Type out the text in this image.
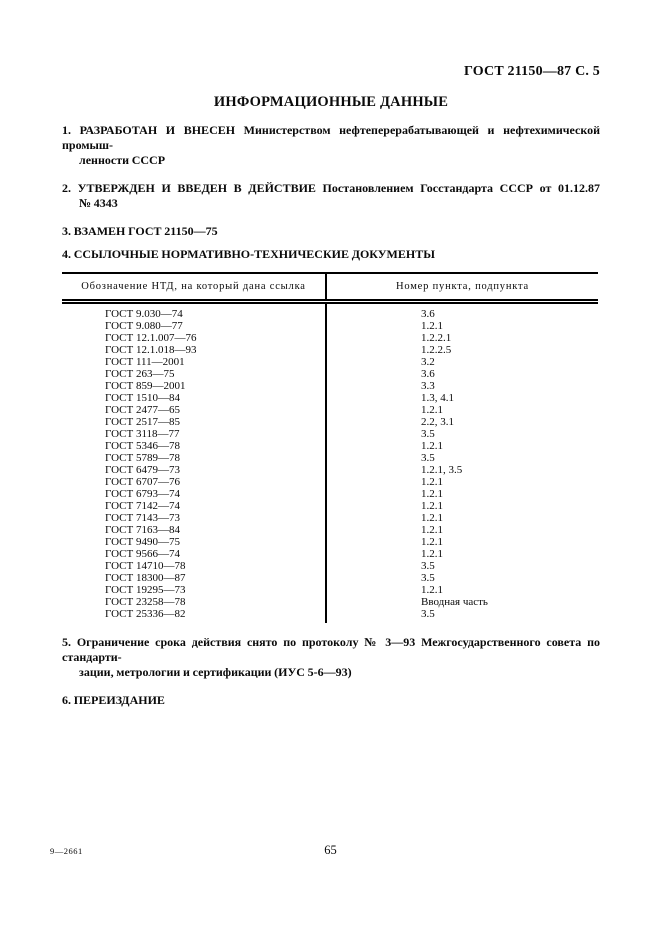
ГОСТ 21150—87 С. 5
ИНФОРМАЦИОННЫЕ ДАННЫЕ
1. РАЗРАБОТАН И ВНЕСЕН Министерством нефтеперерабатывающей и нефтехимической промыш-
ленности СССР
2. УТВЕРЖДЕН И ВВЕДЕН В ДЕЙСТВИЕ Постановлением Госстандарта СССР от 01.12.87
№ 4343
3. ВЗАМЕН ГОСТ 21150—75
4. ССЫЛОЧНЫЕ НОРМАТИВНО-ТЕХНИЧЕСКИЕ ДОКУМЕНТЫ
Обозначение НТД, на который дана ссылка	Номер пункта, подпункта
ГОСТ 9.030—74	3.6
ГОСТ 9.080—77	1.2.1
ГОСТ 12.1.007—76	1.2.2.1
ГОСТ 12.1.018—93	1.2.2.5
ГОСТ 111—2001	3.2
ГОСТ 263—75	3.6
ГОСТ 859—2001	3.3
ГОСТ 1510—84	1.3, 4.1
ГОСТ 2477—65	1.2.1
ГОСТ 2517—85	2.2, 3.1
ГОСТ 3118—77	3.5
ГОСТ 5346—78	1.2.1
ГОСТ 5789—78	3.5
ГОСТ 6479—73	1.2.1, 3.5
ГОСТ 6707—76	1.2.1
ГОСТ 6793—74	1.2.1
ГОСТ 7142—74	1.2.1
ГОСТ 7143—73	1.2.1
ГОСТ 7163—84	1.2.1
ГОСТ 9490—75	1.2.1
ГОСТ 9566—74	1.2.1
ГОСТ 14710—78	3.5
ГОСТ 18300—87	3.5
ГОСТ 19295—73	1.2.1
ГОСТ 23258—78	Вводная часть
ГОСТ 25336—82	3.5
5. Ограничение срока действия снято по протоколу № 3—93 Межгосударственного совета по стандарти-
зации, метрологии и сертификации (ИУС 5-6—93)
6. ПЕРЕИЗДАНИЕ
9—2661	65
